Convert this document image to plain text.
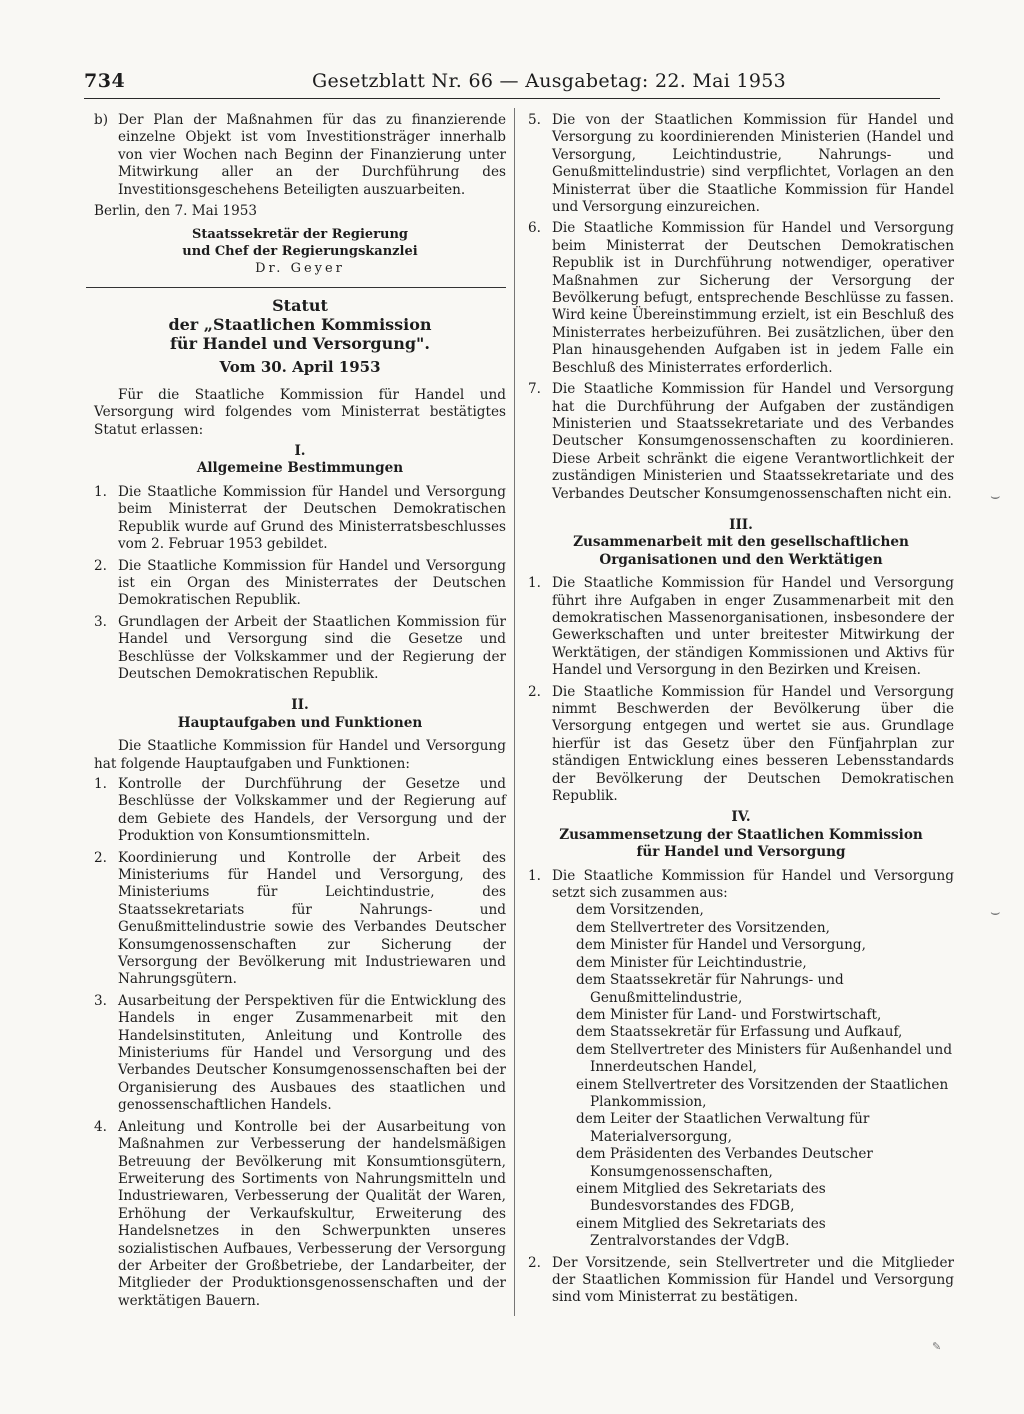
734	Gesetzblatt Nr. 66 — Ausgabetag: 22. Mai 1953
b) Der Plan der Maßnahmen für das zu finanzierende einzelne Objekt ist vom Investitionsträger innerhalb von vier Wochen nach Beginn der Finanzierung unter Mitwirkung aller an der Durchführung des Investitionsgeschehens Beteiligten auszuarbeiten.

Berlin, den 7. Mai 1953

Staatssekretär der Regierung
und Chef der Regierungskanzlei
Dr. Geyer
Statut
der „Staatlichen Kommission
für Handel und Versorgung".
Vom 30. April 1953

Für die Staatliche Kommission für Handel und Versorgung wird folgendes vom Ministerrat bestätigtes Statut erlassen:

I.
Allgemeine Bestimmungen
1. Die Staatliche Kommission für Handel und Versorgung beim Ministerrat der Deutschen Demokratischen Republik wurde auf Grund des Ministerratsbeschlusses vom 2. Februar 1953 gebildet.
2. Die Staatliche Kommission für Handel und Versorgung ist ein Organ des Ministerrates der Deutschen Demokratischen Republik.
3. Grundlagen der Arbeit der Staatlichen Kommission für Handel und Versorgung sind die Gesetze und Beschlüsse der Volkskammer und der Regierung der Deutschen Demokratischen Republik.
II.
Hauptaufgaben und Funktionen

Die Staatliche Kommission für Handel und Versorgung hat folgende Hauptaufgaben und Funktionen:

1. Kontrolle der Durchführung der Gesetze und Beschlüsse der Volkskammer und der Regierung auf dem Gebiete des Handels, der Versorgung und der Produktion von Konsumtionsmitteln.
2. Koordinierung und Kontrolle der Arbeit des Ministeriums für Handel und Versorgung, des Ministeriums für Leichtindustrie, des Staatssekretariats für Nahrungs- und Genußmittelindustrie sowie des Verbandes Deutscher Konsumgenossenschaften zur Sicherung der Versorgung der Bevölkerung mit Industriewaren und Nahrungsgütern.
3. Ausarbeitung der Perspektiven für die Entwicklung des Handels in enger Zusammenarbeit mit den Handelsinstituten, Anleitung und Kontrolle des Ministeriums für Handel und Versorgung und des Verbandes Deutscher Konsumgenossenschaften bei der Organisierung des Ausbaues des staatlichen und genossenschaftlichen Handels.
4. Anleitung und Kontrolle bei der Ausarbeitung von Maßnahmen zur Verbesserung der handelsmäßigen Betreuung der Bevölkerung mit Konsumtionsgütern, Erweiterung des Sortiments von Nahrungsmitteln und Industriewaren, Verbesserung der Qualität der Waren, Erhöhung der Verkaufskultur, Erweiterung des Handelsnetzes in den Schwerpunkten unseres sozialistischen Aufbaues, Verbesserung der Versorgung der Arbeiter der Großbetriebe, der Landarbeiter, der Mitglieder der Produktionsgenossenschaften und der werktätigen Bauern.
5. Die von der Staatlichen Kommission für Handel und Versorgung zu koordinierenden Ministerien (Handel und Versorgung, Leichtindustrie, Nahrungs- und Genußmittelindustrie) sind verpflichtet, Vorlagen an den Ministerrat über die Staatliche Kommission für Handel und Versorgung einzureichen.
6. Die Staatliche Kommission für Handel und Versorgung beim Ministerrat der Deutschen Demokratischen Republik ist in Durchführung notwendiger, operativer Maßnahmen zur Sicherung der Versorgung der Bevölkerung befugt, entsprechende Beschlüsse zu fassen. Wird keine Übereinstimmung erzielt, ist ein Beschluß des Ministerrates herbeizuführen. Bei zusätzlichen, über den Plan hinausgehenden Aufgaben ist in jedem Falle ein Beschluß des Ministerrates erforderlich.
7. Die Staatliche Kommission für Handel und Versorgung hat die Durchführung der Aufgaben der zuständigen Ministerien und Staatssekretariate und des Verbandes Deutscher Konsumgenossenschaften zu koordinieren. Diese Arbeit schränkt die eigene Verantwortlichkeit der zuständigen Ministerien und Staatssekretariate und des Verbandes Deutscher Konsumgenossenschaften nicht ein.
III.
Zusammenarbeit mit den gesellschaftlichen
Organisationen und den Werktätigen
1. Die Staatliche Kommission für Handel und Versorgung führt ihre Aufgaben in enger Zusammenarbeit mit den demokratischen Massenorganisationen, insbesondere der Gewerkschaften und unter breitester Mitwirkung der Werktätigen, der ständigen Kommissionen und Aktivs für Handel und Versorgung in den Bezirken und Kreisen.
2. Die Staatliche Kommission für Handel und Versorgung nimmt Beschwerden der Bevölkerung über die Versorgung entgegen und wertet sie aus. Grundlage hierfür ist das Gesetz über den Fünfjahrplan zur ständigen Entwicklung eines besseren Lebensstandards der Bevölkerung der Deutschen Demokratischen Republik.
IV.
Zusammensetzung der Staatlichen Kommission
für Handel und Versorgung
1. Die Staatliche Kommission für Handel und Versorgung setzt sich zusammen aus:
dem Vorsitzenden,
dem Stellvertreter des Vorsitzenden,
dem Minister für Handel und Versorgung,
dem Minister für Leichtindustrie,
dem Staatssekretär für Nahrungs- und Genußmittelindustrie,
dem Minister für Land- und Forstwirtschaft,
dem Staatssekretär für Erfassung und Aufkauf,
dem Stellvertreter des Ministers für Außenhandel und Innerdeutschen Handel,
einem Stellvertreter des Vorsitzenden der Staatlichen Plankommission,
dem Leiter der Staatlichen Verwaltung für Materialversorgung,
dem Präsidenten des Verbandes Deutscher Konsumgenossenschaften,
einem Mitglied des Sekretariats des Bundesvorstandes des FDGB,
einem Mitglied des Sekretariats des Zentralvorstandes der VdgB.
2. Der Vorsitzende, sein Stellvertreter und die Mitglieder der Staatlichen Kommission für Handel und Versorgung sind vom Ministerrat zu bestätigen.
⌣
⌣
✎
